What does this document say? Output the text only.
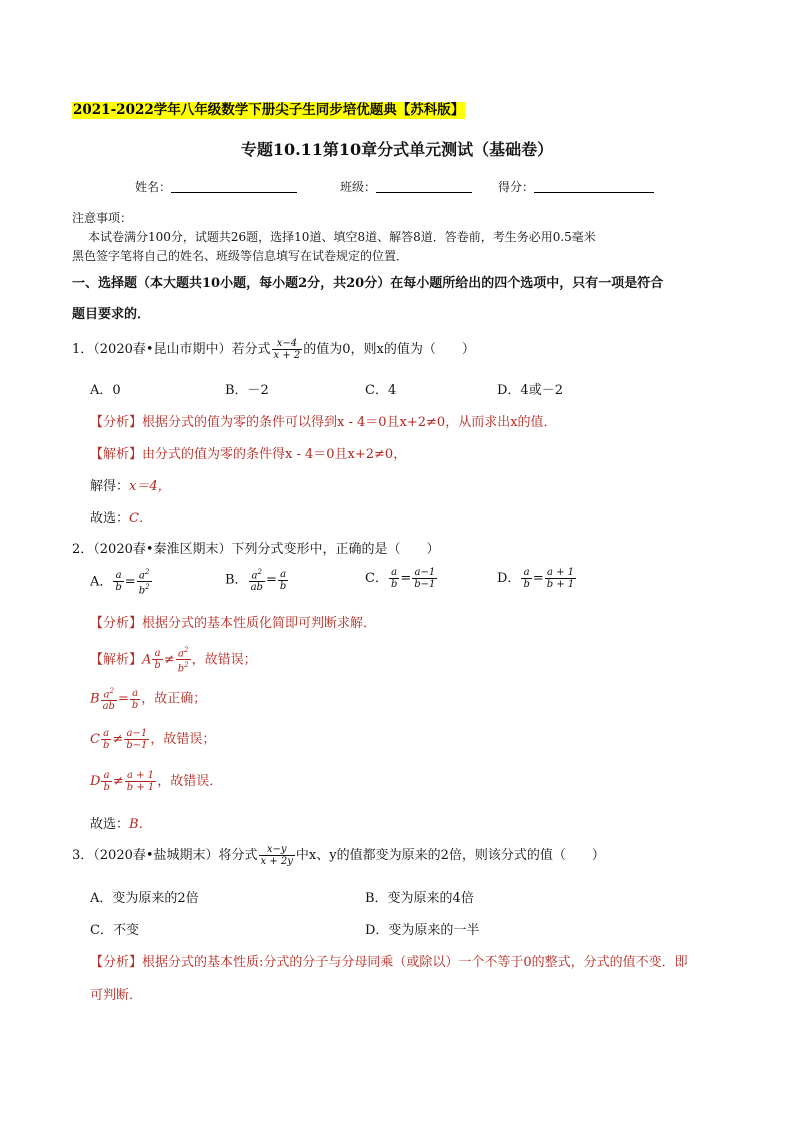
2021-2022学年八年级数学下册尖子生同步培优题典【苏科版】
专题10.11第10章分式单元测试（基础卷）
姓名：	班级：	得分：
注意事项：
本试卷满分100分，试题共26题，选择10道、填空8道、解答8道．答卷前，考生务必用0.5毫米
黑色签字笔将自己的姓名、班级等信息填写在试卷规定的位置．
一、选择题（本大题共10小题，每小题2分，共20分）在每小题所给出的四个选项中，只有一项是符合
题目要求的．
1．（2020春•昆山市期中）若分式 $\frac{x-4}{x + 2}$ 的值为0，则x的值为（　　）
A．0	B．－2	C．4	D．4或－2
【分析】根据分式的值为零的条件可以得到x - 4＝0且x+2≠0，从而求出x的值．
【解析】由分式的值为零的条件得x - 4＝0且x+2≠0，
解得：x＝4，
故选：C．
2．（2020春•秦淮区期末）下列分式变形中，正确的是（　　）
A． $\frac{a}{b} = \frac{a^2}{b^2}$	B． $\frac{a^2}{ab} = \frac{a}{b}$	C． $\frac{a}{b} = \frac{a-1}{b-1}$	D． $\frac{a}{b} = \frac{a + 1}{b + 1}$
【分析】根据分式的基本性质化简即可判断求解．
【解析】A $\frac{a}{b} \ne \frac{a^2}{b^2}$ ，故错误；
B $\frac{a^2}{ab} = \frac{a}{b}$ ，故正确；
C $\frac{a}{b} \ne \frac{a-1}{b-1}$ ，故错误；
D $\frac{a}{b} \ne \frac{a + 1}{b + 1}$ ，故错误．
故选：B．
3．（2020春•盐城期末）将分式 $\frac{x-y}{x + 2y}$ 中x、y的值都变为原来的2倍，则该分式的值（　　）
A．变为原来的2倍	B．变为原来的4倍
C．不变	D．变为原来的一半
【分析】根据分式的基本性质:分式的分子与分母同乘（或除以）一个不等于0的整式，分式的值不变．即
可判断．
